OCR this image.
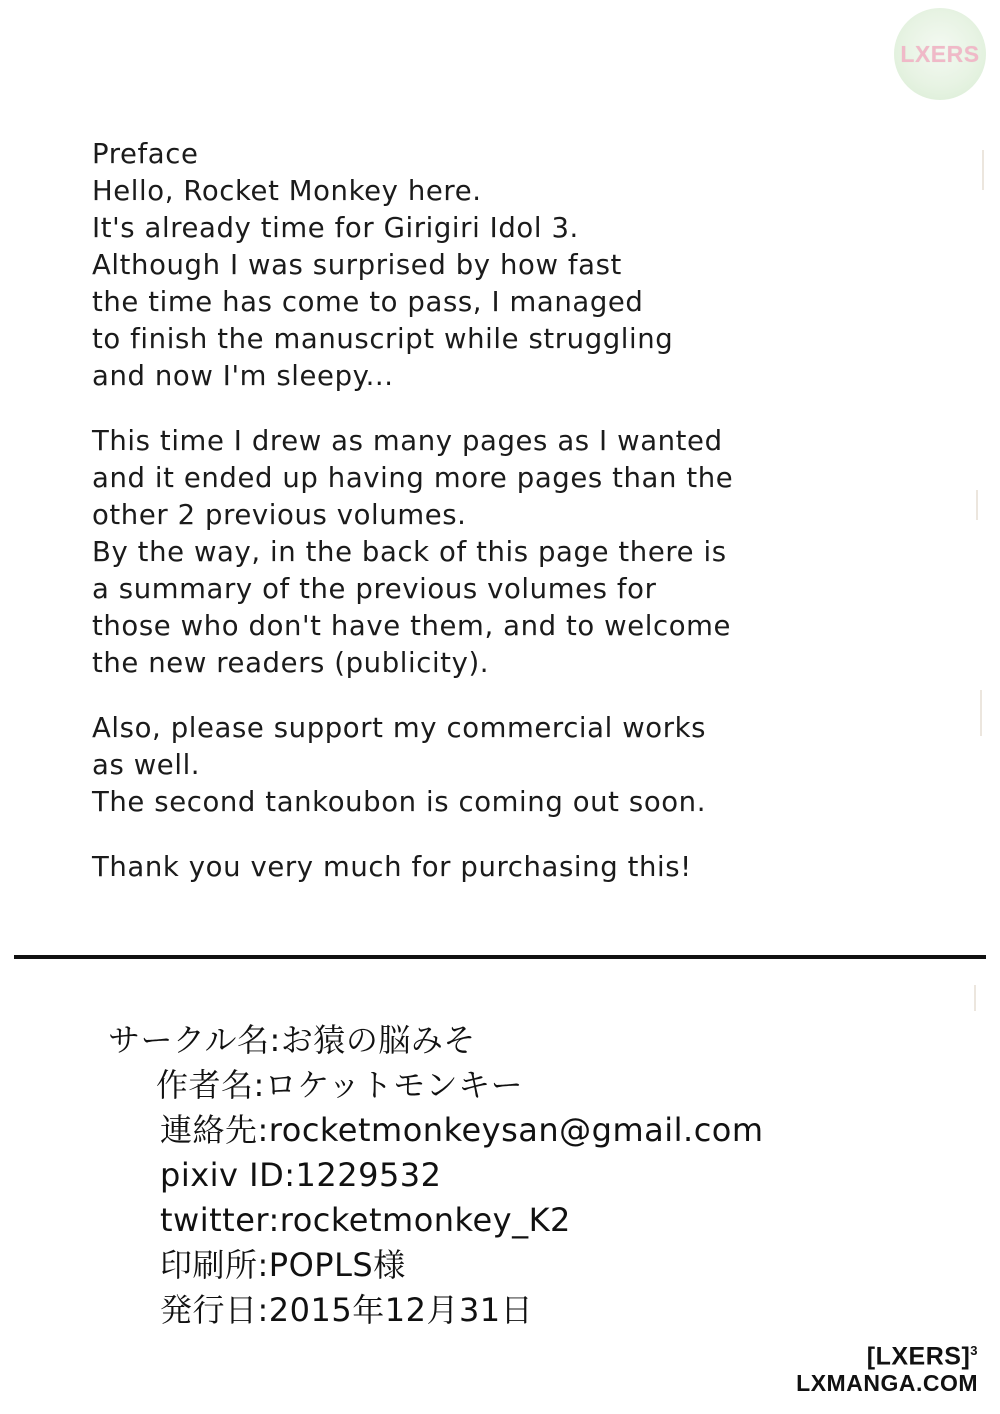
LXERS

Preface

Hello, Rocket Monkey here.

It's already time for Girigiri Idol 3.

Although I was surprised by how fast

the time has come to pass, I managed

to finish the manuscript while struggling

and now I'm sleepy...

This time I drew as many pages as I wanted

and it ended up having more pages than the

other 2 previous volumes.

By the way, in the back of this page there is

a summary of the previous volumes for

those who don't have them, and to welcome

the new readers (publicity).

Also, please support my commercial works

as well.

The second tankoubon is coming out soon.

Thank you very much for purchasing this!

サークル名:お猿の脳みそ
作者名:ロケットモンキー
連絡先:rocketmonkeysan@gmail.com
pixiv ID:1229532
twitter:rocketmonkey_K2
印刷所:POPLS様
発行日:2015年12月31日
[LXERS]$^3$
LXMANGA.COM
